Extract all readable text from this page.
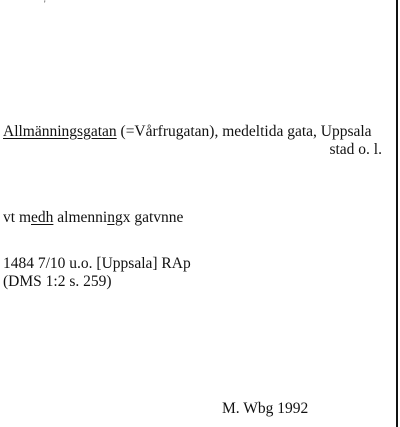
'
Allmänningsgatan (=Vårfrugatan), medeltida gata, Uppsala
stad o. l.
vt medh almenningx gatvnne
1484 7/10 u.o. [Uppsala] RAp
(DMS 1:2 s. 259)
M. Wbg 1992
